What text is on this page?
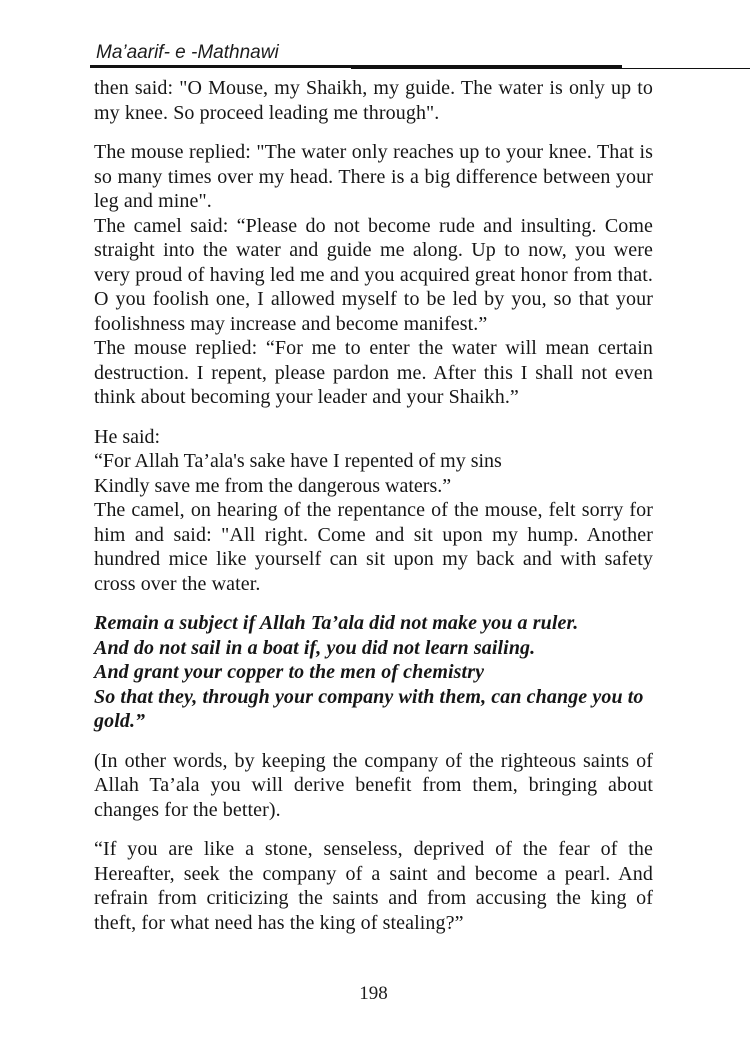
Ma’aarif- e -Mathnawi

then said: "O Mouse, my Shaikh, my guide. The water is only up to my knee. So proceed leading me through".

The mouse replied: "The water only reaches up to your knee. That is so many times over my head. There is a big difference between your leg and mine".

The camel said: “Please do not become rude and insulting. Come straight into the water and guide me along. Up to now, you were very proud of having led me and you acquired great honor from that. O you foolish one, I allowed myself to be led by you, so that your foolishness may increase and become manifest.”

The mouse replied: “For me to enter the water will mean certain destruction. I repent, please pardon me. After this I shall not even think about becoming your leader and your Shaikh.”

He said:

“For Allah Ta’ala's sake have I repented of my sins

Kindly save me from the dangerous waters.”

The camel, on hearing of the repentance of the mouse, felt sorry for him and said: "All right. Come and sit upon my hump. Another hundred mice like yourself can sit upon my back and with safety cross over the water.

Remain a subject if Allah Ta’ala did not make you a ruler.

And do not sail in a boat if, you did not learn sailing.

And grant your copper to the men of chemistry

So that they, through your company with them, can change you to gold.”

(In other words, by keeping the company of the righteous saints of Allah Ta’ala you will derive benefit from them, bringing about changes for the better).

“If you are like a stone, senseless, deprived of the fear of the Hereafter, seek the company of a saint and become a pearl. And refrain from criticizing the saints and from accusing the king of theft, for what need has the king of stealing?”

198
